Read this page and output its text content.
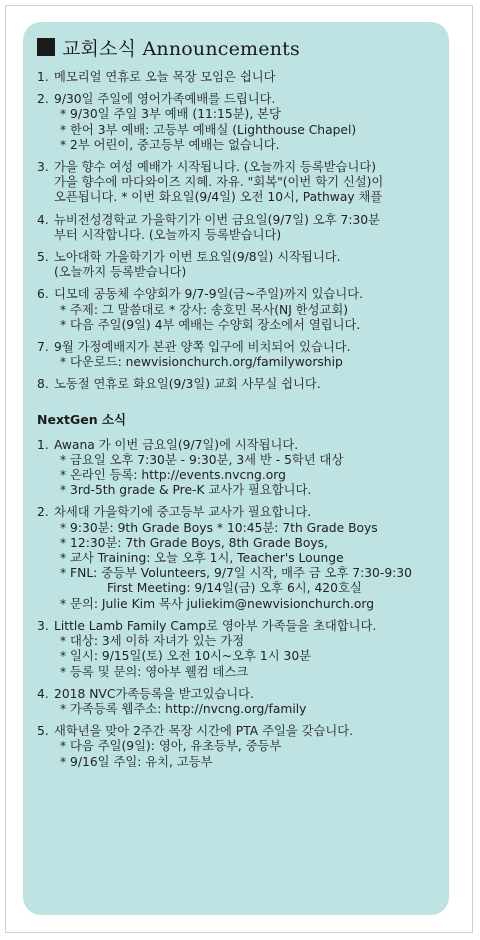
교회소식 Announcements
1. 메모리얼 연휴로 오늘 목장 모임은 쉽니다
2. 9/30일 주일에 영어가족예배를 드립니다.
* 9/30일 주일 3부 예배 (11:15분), 본당
* 한어 3부 예배: 고등부 예배실 (Lighthouse Chapel)
* 2부 어린이, 중고등부 예배는 없습니다.
3. 가을 향수 여성 예배가 시작됩니다. (오늘까지 등록받습니다)
가을 향수에 마다와이즈 지혜. 자유. "회복"(이번 학기 신설)이
오픈됩니다. * 이번 화요일(9/4일) 오전 10시, Pathway 채플
4. 뉴비전성경학교 가을학기가 이번 금요일(9/7일) 오후 7:30분
부터 시작합니다. (오늘까지 등록받습니다)
5. 노아대학 가을학기가 이번 토요일(9/8일) 시작됩니다.
(오늘까지 등록받습니다)
6. 디모데 공동체 수양회가 9/7-9일(금~주일)까지 있습니다.
* 주제: 그 말씀대로 * 강사: 송호민 목사(NJ 한성교회)
* 다음 주일(9일) 4부 예배는 수양회 장소에서 열립니다.
7. 9월 가정예배지가 본관 양쪽 입구에 비치되어 있습니다.
* 다운로드: newvisionchurch.org/familyworship
8. 노동절 연휴로 화요일(9/3일) 교회 사무실 쉽니다.
NextGen 소식
1. Awana 가 이번 금요일(9/7일)에 시작됩니다.
* 금요일 오후 7:30분 - 9:30분, 3세 반 - 5학년 대상
* 온라인 등록: http://events.nvcng.org
* 3rd-5th grade & Pre-K 교사가 필요합니다.
2. 차세대 가을학기에 중고등부 교사가 필요합니다.
* 9:30분: 9th Grade Boys * 10:45분: 7th Grade Boys
* 12:30분: 7th Grade Boys, 8th Grade Boys,
* 교사 Training: 오늘 오후 1시, Teacher's Lounge
* FNL: 중등부 Volunteers, 9/7일 시작, 매주 금 오후 7:30-9:30
First Meeting: 9/14일(금) 오후 6시, 420호실
* 문의: Julie Kim 목사 juliekim@newvisionchurch.org
3. Little Lamb Family Camp로 영아부 가족들을 초대합니다.
* 대상: 3세 이하 자녀가 있는 가정
* 일시: 9/15일(토) 오전 10시~오후 1시 30분
* 등록 및 문의: 영아부 웰컴 데스크
4. 2018 NVC가족등록을 받고있습니다.
* 가족등록 웹주소: http://nvcng.org/family
5. 새학년을 맞아 2주간 목장 시간에 PTA 주일을 갖습니다.
* 다음 주일(9일): 영아, 유초등부, 중등부
* 9/16일 주일: 유치, 고등부
